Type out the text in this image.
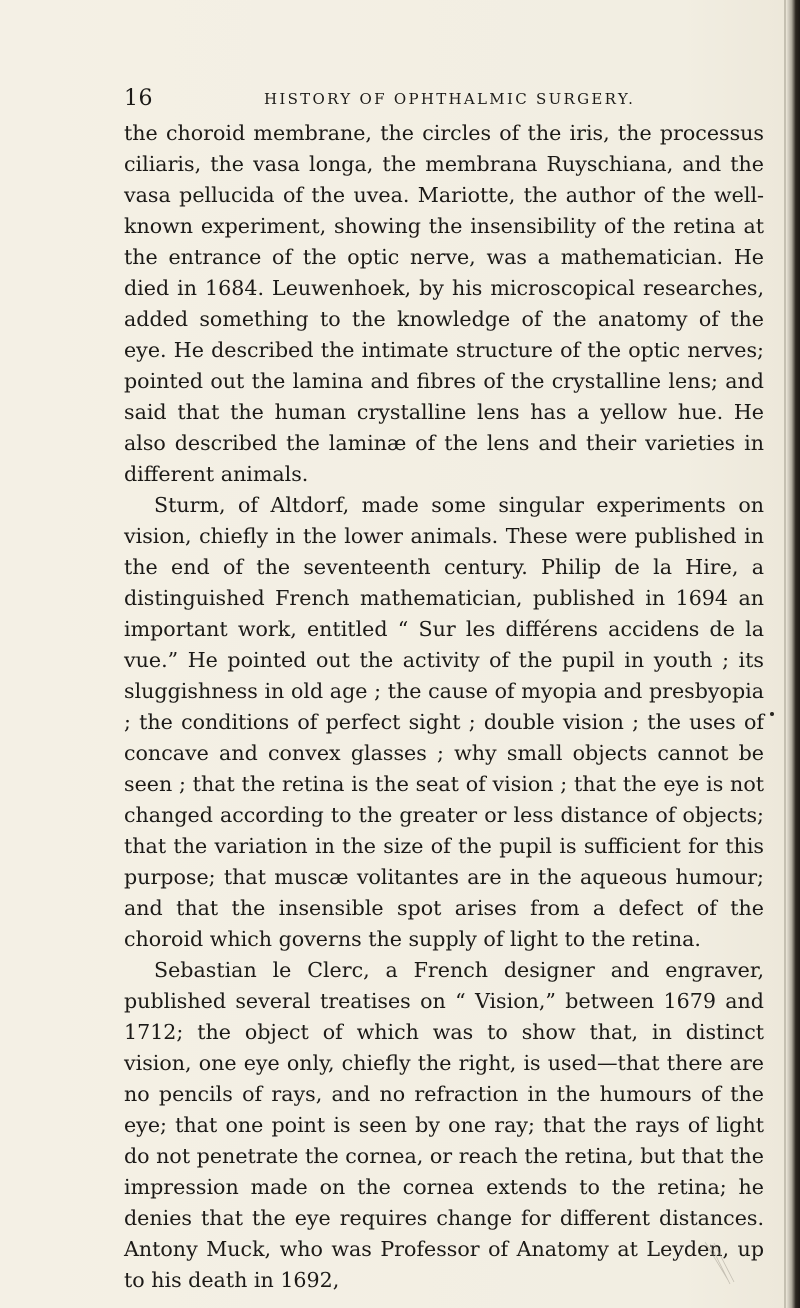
16	HISTORY OF OPHTHALMIC SURGERY.

the choroid membrane, the circles of the iris, the processus ciliaris, the vasa longa, the membrana Ruyschiana, and the vasa pellucida of the uvea. Mariotte, the author of the well-known experiment, showing the insensibility of the retina at the entrance of the optic nerve, was a mathematician. He died in 1684. Leuwenhoek, by his microscopical researches, added something to the knowledge of the anatomy of the eye. He described the intimate structure of the optic nerves; pointed out the lamina and fibres of the crystalline lens; and said that the human crystalline lens has a yellow hue. He also described the laminæ of the lens and their varieties in different animals.

Sturm, of Altdorf, made some singular experiments on vision, chiefly in the lower animals. These were published in the end of the seventeenth century. Philip de la Hire, a distinguished French mathematician, published in 1694 an important work, entitled “ Sur les différens accidens de la vue.” He pointed out the activity of the pupil in youth ; its sluggishness in old age ; the cause of myopia and presbyopia ; the conditions of perfect sight ; double vision ; the uses of concave and convex glasses ; why small objects cannot be seen ; that the retina is the seat of vision ; that the eye is not changed according to the greater or less distance of objects; that the variation in the size of the pupil is sufficient for this purpose; that muscæ volitantes are in the aqueous humour; and that the insensible spot arises from a defect of the choroid which governs the supply of light to the retina.

Sebastian le Clerc, a French designer and engraver, published several treatises on “ Vision,” between 1679 and 1712; the object of which was to show that, in distinct vision, one eye only, chiefly the right, is used—that there are no pencils of rays, and no refraction in the humours of the eye; that one point is seen by one ray; that the rays of light do not penetrate the cornea, or reach the retina, but that the impression made on the cornea extends to the retina; he denies that the eye requires change for different distances. Antony Muck, who was Professor of Anatomy at Leyden, up to his death in 1692,
